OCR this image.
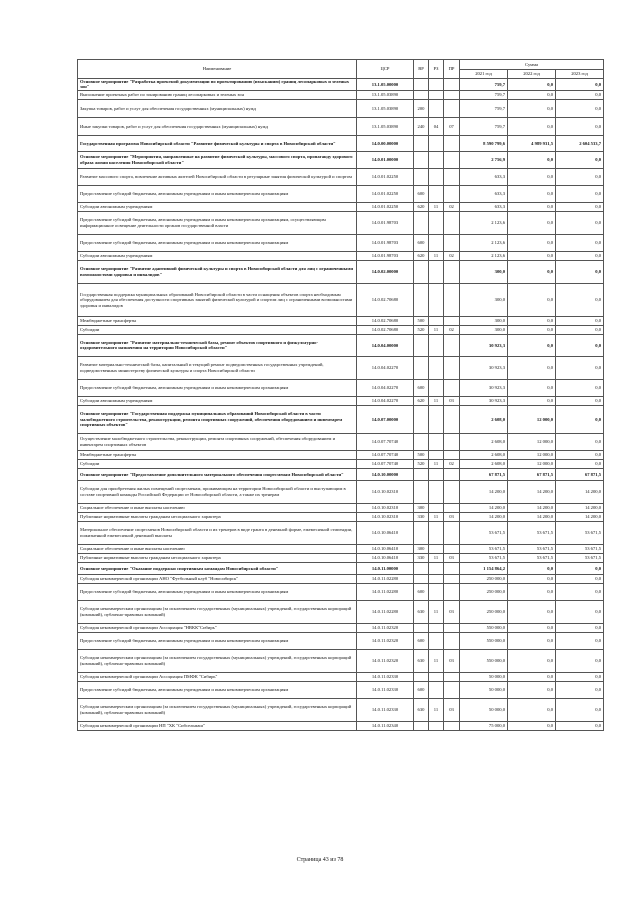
Наименование	ЦСР	ВР	РЗ	ПР	Сумма		
					2021 год	2022 год	2023 год
Основное мероприятие "Разработка проектной документации по проектированию (изысканию) границ лесопарковых и зеленых зон"	13.1.05.00000				759,7	0,0	0,0
Выполнение проектных работ по зонированию границ лесопарковых и зеленых зон	13.1.05.03890				759,7	0,0	0,0
Закупка товаров, работ и услуг для обеспечения государственных (муниципальных) нужд	13.1.05.03890	200			759,7	0,0	0,0
Иные закупки товаров, работ и услуг для обеспечения государственных (муниципальных) нужд	13.1.05.03890	240	04	07	759,7	0,0	0,0
Государственная программа Новосибирской области "Развитие физической культуры и спорта в Новосибирской области"	14.0.00.00000				8 590 799,6	4 989 931,5	2 604 533,7
Основное мероприятие "Мероприятия, направленные на развитие физической культуры, массового спорта, пропаганду здорового образа жизни населения Новосибирской области"	14.0.01.00000				2 756,9	0,0	0,0
Развитие массового спорта, вовлечение активных жителей Новосибирской области в регулярные занятия физической культурой и спортом	14.0.01.02250				633,3	0,0	0,0
Предоставление субсидий бюджетным, автономным учреждениям и иным некоммерческим организациям	14.0.01.02250	600			633,3	0,0	0,0
Субсидии автономным учреждениям	14.0.01.02250	620	11	02	633,3	0,0	0,0
Предоставление субсидий бюджетным, автономным учреждениям и иным некоммерческим организациям, осуществляющим информационное освещение деятельности органов государственной власти	14.0.01.98703				2 123,6	0,0	0,0
Предоставление субсидий бюджетным, автономным учреждениям и иным некоммерческим организациям	14.0.01.98703	600			2 123,6	0,0	0,0
Субсидии автономным учреждениям	14.0.01.98703	620	11	02	2 123,6	0,0	0,0
Основное мероприятие "Развитие адаптивной физической культуры и спорта в Новосибирской области для лиц с ограниченными возможностями здоровья и инвалидов"	14.0.02.00000				300,0	0,0	0,0
Государственная поддержка муниципальных образований Новосибирской области в части оснащения объектов спорта необходимым оборудованием для обеспечения доступности спортивных занятий физической культурой и спортом лиц с ограниченными возможностями здоровья и инвалидов	14.0.02.70680				300,0	0,0	0,0
Межбюджетные трансферты	14.0.02.70680	500			300,0	0,0	0,0
Субсидии	14.0.02.70680	520	11	02	300,0	0,0	0,0
Основное мероприятие "Развитие материально-технической базы, ремонт объектов спортивного и физкультурно-оздоровительного назначения на территории Новосибирской области"	14.0.04.00000				30 923,3	0,0	0,0
Развитие материально-технической базы, капитальный и текущий ремонт подведомственных государственных учреждений, подведомственных министерству физической культуры и спорта Новосибирской области	14.0.04.02270				30 923,3	0,0	0,0
Предоставление субсидий бюджетным, автономным учреждениям и иным некоммерческим организациям	14.0.04.02270	600			30 923,3	0,0	0,0
Субсидии автономным учреждениям	14.0.04.02270	620	11	03	30 923,3	0,0	0,0
Основное мероприятие "Государственная поддержка муниципальных образований Новосибирской области в части малобюджетного строительства, реконструкции, ремонта спортивных сооружений, обеспечения оборудованием и инвентарем спортивных объектов"	14.0.07.00000				2 608,0	12 000,0	0,0
Осуществление малобюджетного строительства, реконструкции, ремонта спортивных сооружений, обеспечения оборудованием и инвентарем спортивных объектов	14.0.07.70740				2 608,0	12 000,0	0,0
Межбюджетные трансферты	14.0.07.70740	500			2 608,0	12 000,0	0,0
Субсидии	14.0.07.70740	520	11	02	2 608,0	12 000,0	0,0
Основное мероприятие "Предоставление дополнительного материального обеспечения спортсменам Новосибирской области"	14.0.10.00000				67 871,5	67 871,5	67 871,5
Субсидии для приобретения жилых помещений спортсменам, проживающим на территории Новосибирской области и выступающим в составе спортивной команды Российской Федерации от Новосибирской области, а также их тренерам	14.0.10.02310				14 200,0	14 200,0	14 200,0
Социальное обеспечение и иные выплаты населению	14.0.10.02310	300			14 200,0	14 200,0	14 200,0
Публичные нормативные выплаты гражданам несоциального характера	14.0.10.02310	330	11	03	14 200,0	14 200,0	14 200,0
Материальное обеспечение спортсменов Новосибирской области и их тренеров в виде гранта в денежной форме, ежемесячной стипендии, пожизненной ежемесячной денежной выплаты	14.0.10.06410				53 671,5	53 671,5	53 671,5
Социальное обеспечение и иные выплаты населению	14.0.10.06410	300			53 671,5	53 671,5	53 671,5
Публичные нормативные выплаты гражданам несоциального характера	14.0.10.06410	330	11	03	53 671,5	53 671,5	53 671,5
Основное мероприятие "Оказание поддержки спортивным командам Новосибирской области"	14.0.11.00000				1 154 864,2	0,0	0,0
Субсидия некоммерческой организации АНО "Футбольный клуб "Новосибирск"	14.0.11.02280				250 000,0	0,0	0,0
Предоставление субсидий бюджетным, автономным учреждениям и иным некоммерческим организациям	14.0.11.02280	600			250 000,0	0,0	0,0
Субсидии некоммерческим организациям (за исключением государственных (муниципальных) учреждений, государственных корпораций (компаний), публично-правовых компаний)	14.0.11.02280	630	11	03	250 000,0	0,0	0,0
Субсидия некоммерческой организации Ассоциация "НВКК"Сибирь"	14.0.11.02320				550 000,0	0,0	0,0
Предоставление субсидий бюджетным, автономным учреждениям и иным некоммерческим организациям	14.0.11.02320	600			550 000,0	0,0	0,0
Субсидии некоммерческим организациям (за исключением государственных (муниципальных) учреждений, государственных корпораций (компаний), публично-правовых компаний)	14.0.11.02320	630	11	03	550 000,0	0,0	0,0
Субсидия некоммерческой организации Ассоциация ПМФК "Сибирь"	14.0.11.02330				50 000,0	0,0	0,0
Предоставление субсидий бюджетным, автономным учреждениям и иным некоммерческим организациям	14.0.11.02330	600			50 000,0	0,0	0,0
Субсидии некоммерческим организациям (за исключением государственных (муниципальных) учреждений, государственных корпораций (компаний), публично-правовых компаний)	14.0.11.02330	630	11	03	50 000,0	0,0	0,0
Субсидия некоммерческой организации НП "ХК "Сибсельмаш"	14.0.11.02340				75 000,0	0,0	0,0
Страница 43 из 78
